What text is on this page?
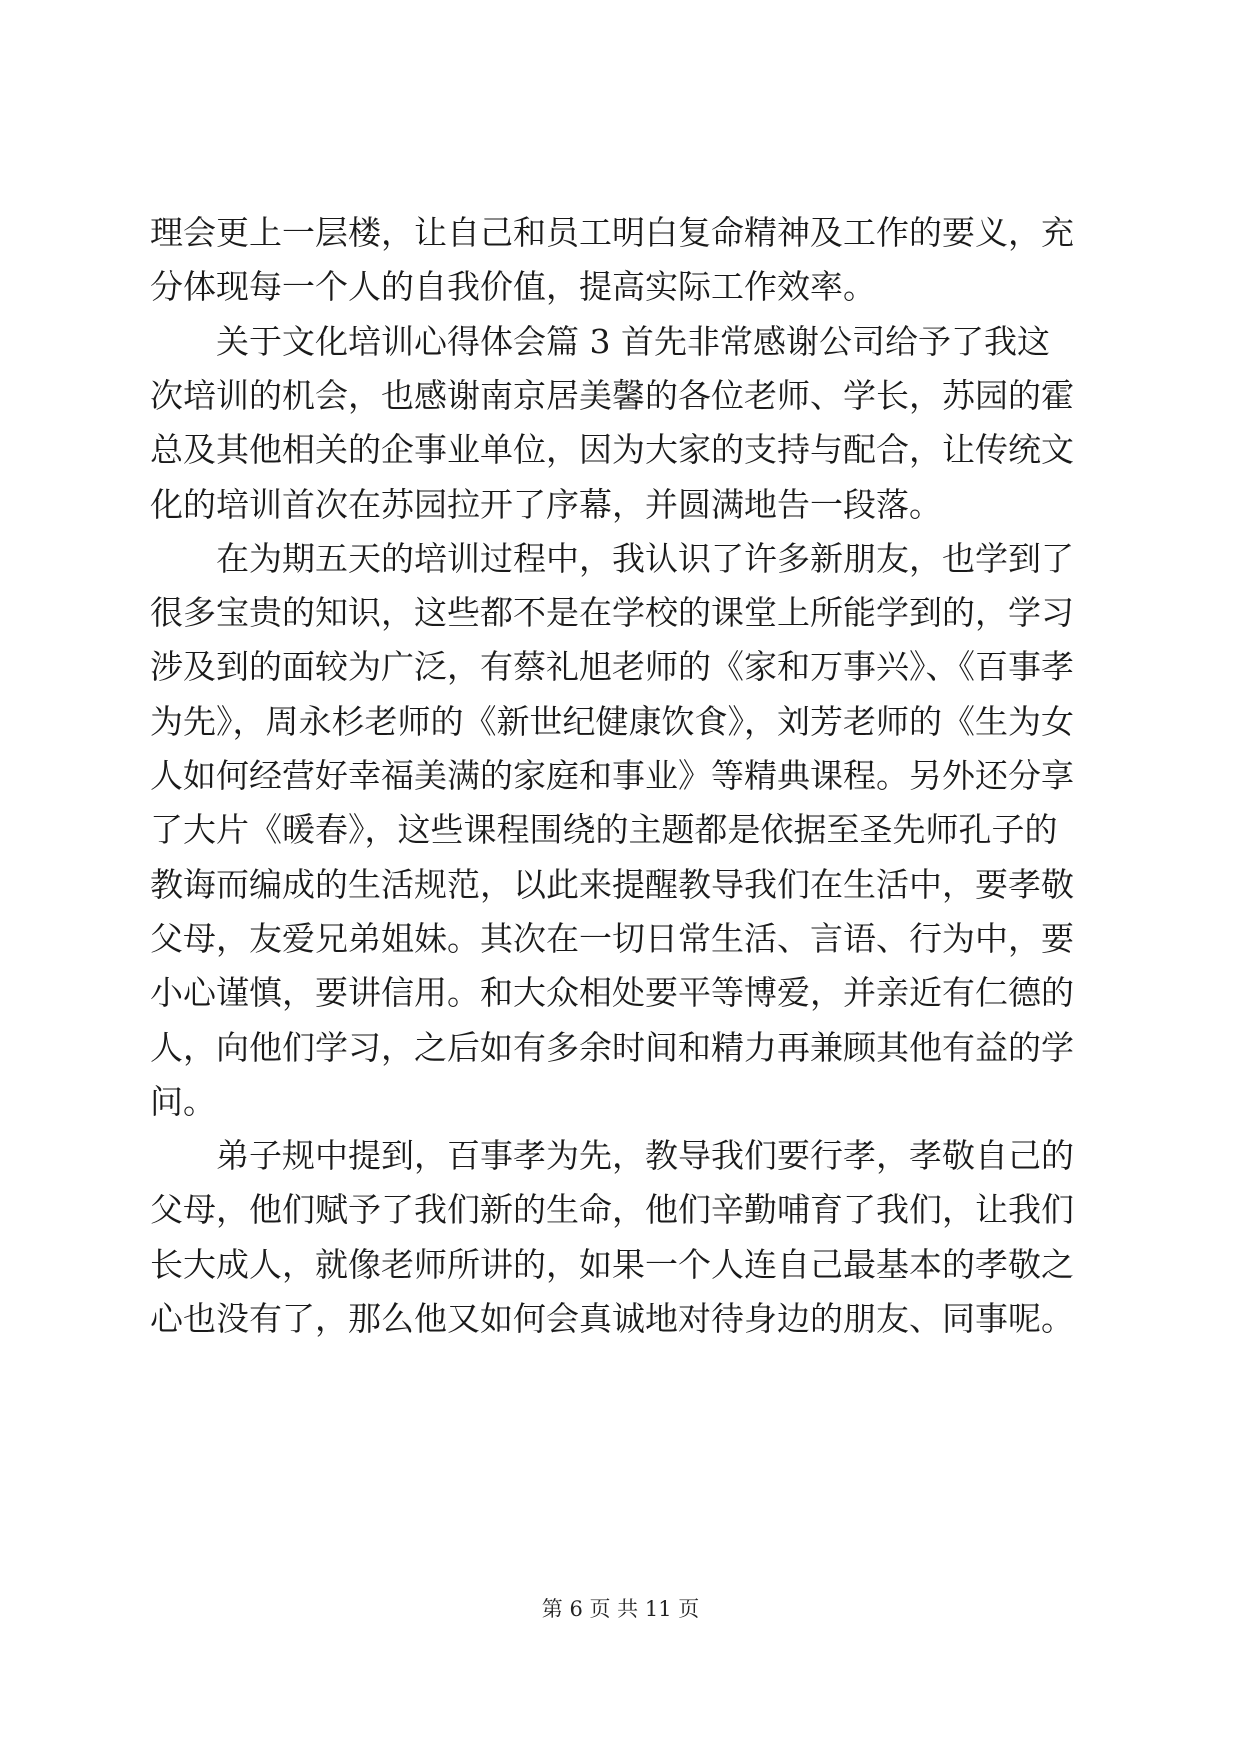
理会更上一层楼，让自己和员工明白复命精神及工作的要义，充
分体现每一个人的自我价值，提高实际工作效率。
　　关于文化培训心得体会篇 3 首先非常感谢公司给予了我这
次培训的机会，也感谢南京居美馨的各位老师、学长，苏园的霍
总及其他相关的企事业单位，因为大家的支持与配合，让传统文
化的培训首次在苏园拉开了序幕，并圆满地告一段落。
　　在为期五天的培训过程中，我认识了许多新朋友，也学到了
很多宝贵的知识，这些都不是在学校的课堂上所能学到的，学习
涉及到的面较为广泛，有蔡礼旭老师的《家和万事兴》、《百事孝
为先》，周永杉老师的《新世纪健康饮食》，刘芳老师的《生为女
人如何经营好幸福美满的家庭和事业》等精典课程。另外还分享
了大片《暖春》，这些课程围绕的主题都是依据至圣先师孔子的
教诲而编成的生活规范，以此来提醒教导我们在生活中，要孝敬
父母，友爱兄弟姐妹。其次在一切日常生活、言语、行为中，要
小心谨慎，要讲信用。和大众相处要平等博爱，并亲近有仁德的
人，向他们学习，之后如有多余时间和精力再兼顾其他有益的学
问。
　　弟子规中提到，百事孝为先，教导我们要行孝，孝敬自己的
父母，他们赋予了我们新的生命，他们辛勤哺育了我们，让我们
长大成人，就像老师所讲的，如果一个人连自己最基本的孝敬之
心也没有了，那么他又如何会真诚地对待身边的朋友、同事呢。
第 6 页 共 11 页
